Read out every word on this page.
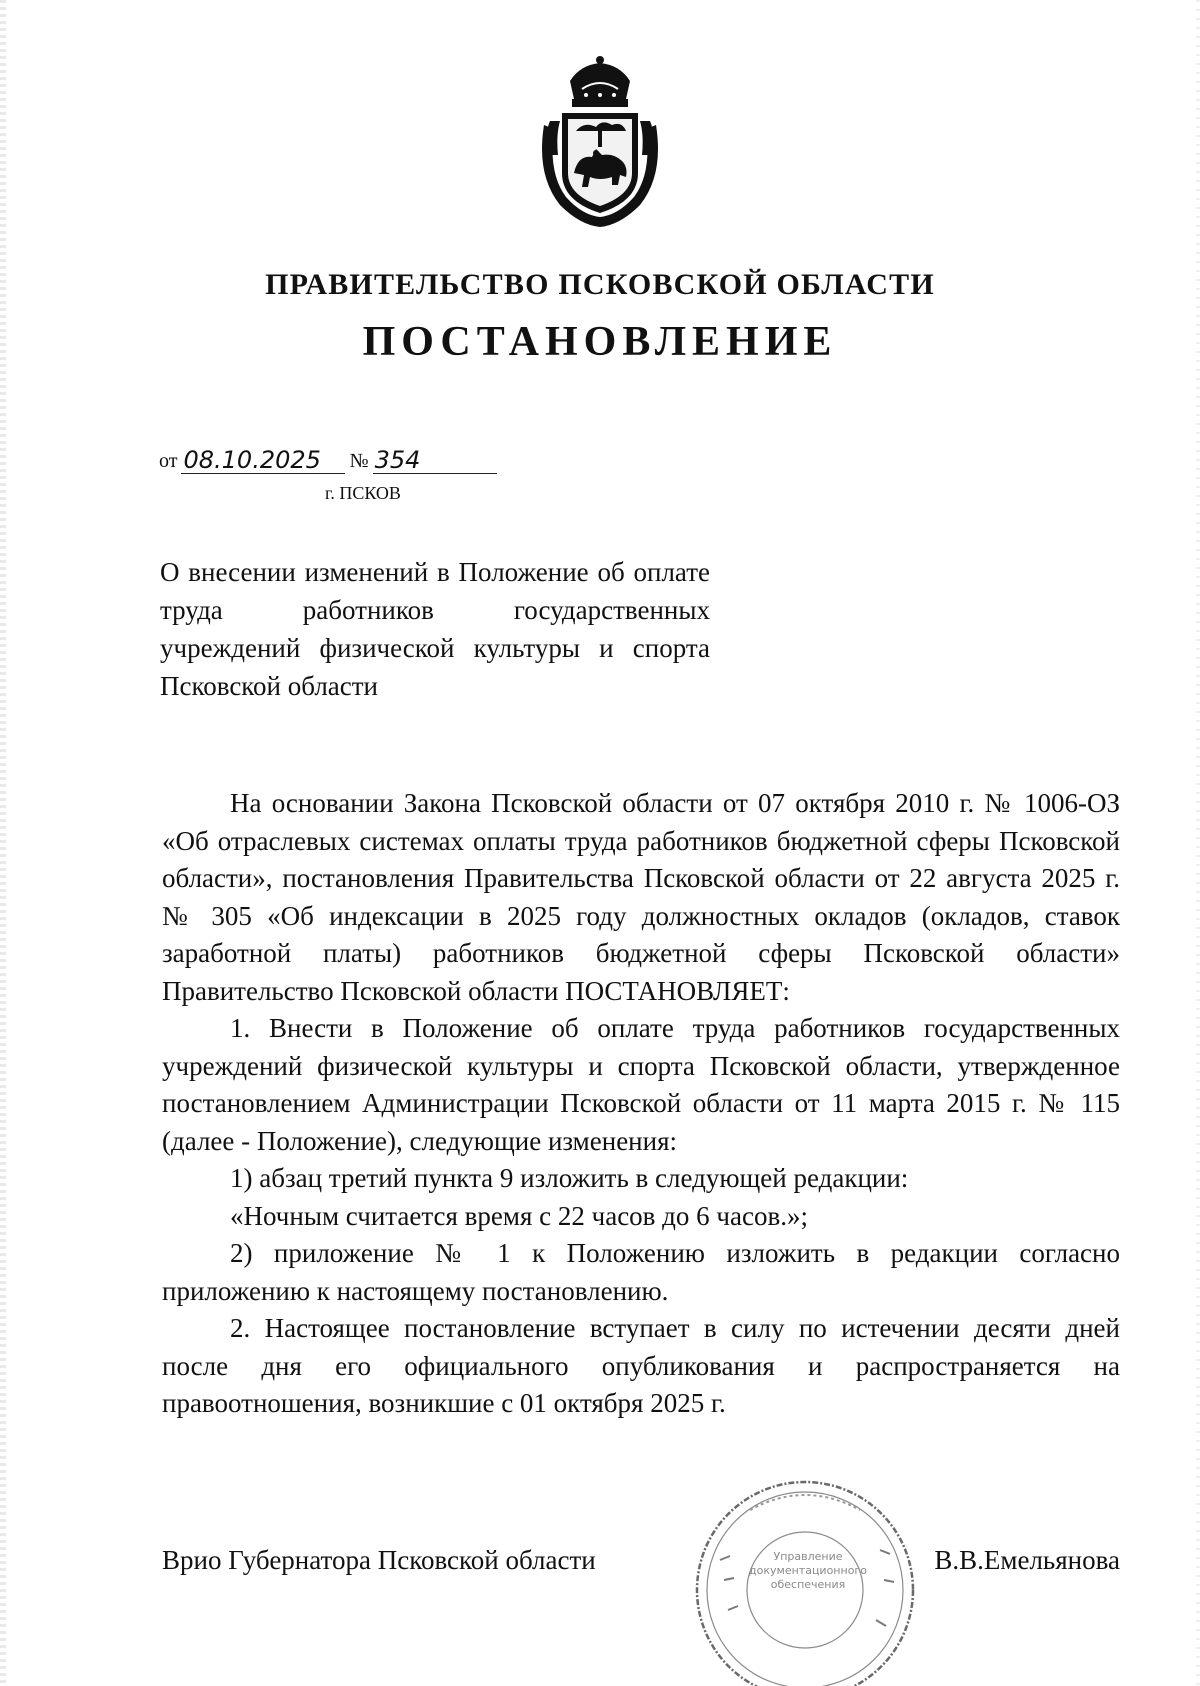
ПРАВИТЕЛЬСТВО ПСКОВСКОЙ ОБЛАСТИ
ПОСТАНОВЛЕНИЕ
от 08.10.2025 № 354
г. ПСКОВ
О внесении изменений в Положение об оплате труда работников государственных учреждений физической культуры и спорта Псковской области

На основании Закона Псковской области от 07 октября 2010 г. № 1006-ОЗ «Об отраслевых системах оплаты труда работников бюджетной сферы Псковской области», постановления Правительства Псковской области от 22 августа 2025 г. № 305 «Об индексации в 2025 году должностных окладов (окладов, ставок заработной платы) работников бюджетной сферы Псковской области» Правительство Псковской области ПОСТАНОВЛЯЕТ:

1. Внести в Положение об оплате труда работников государственных учреждений физической культуры и спорта Псковской области, утвержденное постановлением Администрации Псковской области от 11 марта 2015 г. № 115 (далее - Положение), следующие изменения:

1) абзац третий пункта 9 изложить в следующей редакции:

«Ночным считается время с 22 часов до 6 часов.»;

2) приложение № 1 к Положению изложить в редакции согласно приложению к настоящему постановлению.

2. Настоящее постановление вступает в силу по истечении десяти дней после дня его официального опубликования и распространяется на правоотношения, возникшие с 01 октября 2025 г.

Управление
документационного
обеспечения
Врио Губернатора Псковской области	В.В.Емельянова
